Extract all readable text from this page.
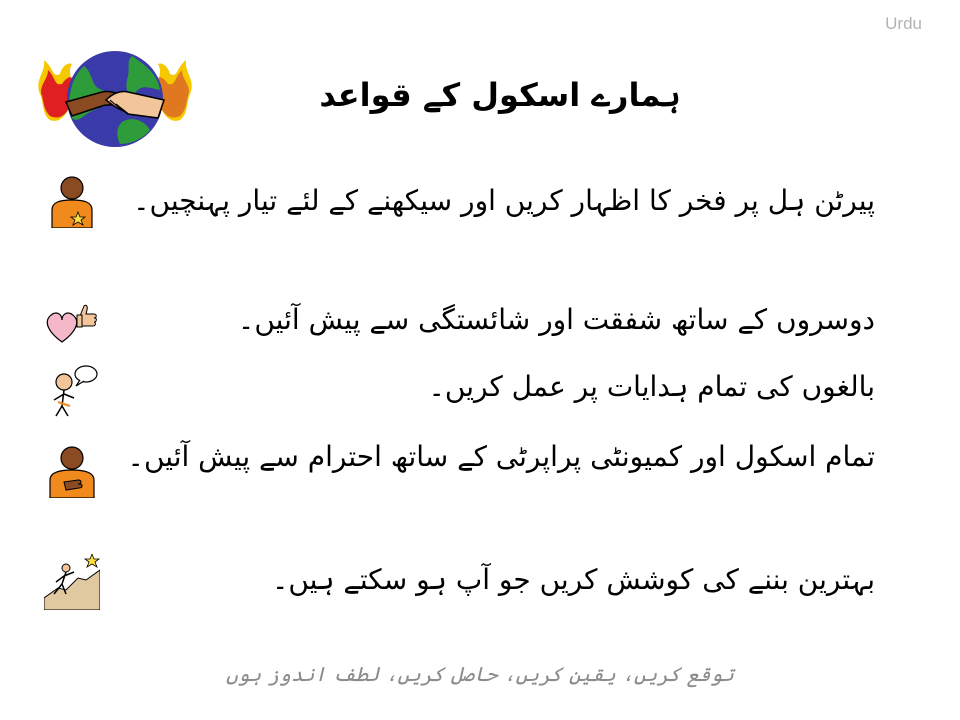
Urdu
ہمارے اسکول کے قواعد
پیرٹن ہل پر فخر کا اظہار کریں اور سیکھنے کے لئے تیار پہنچیں۔
دوسروں کے ساتھ شفقت اور شائستگی سے پیش آئیں۔
بالغوں کی تمام ہدایات پر عمل کریں۔
تمام اسکول اور کمیونٹی پراپرٹی کے ساتھ احترام سے پیش آئیں۔
بہترین بننے کی کوشش کریں جو آپ ہو سکتے ہیں۔
توقع کریں، یقین کریں، حاصل کریں، لطف اندوز ہوں
